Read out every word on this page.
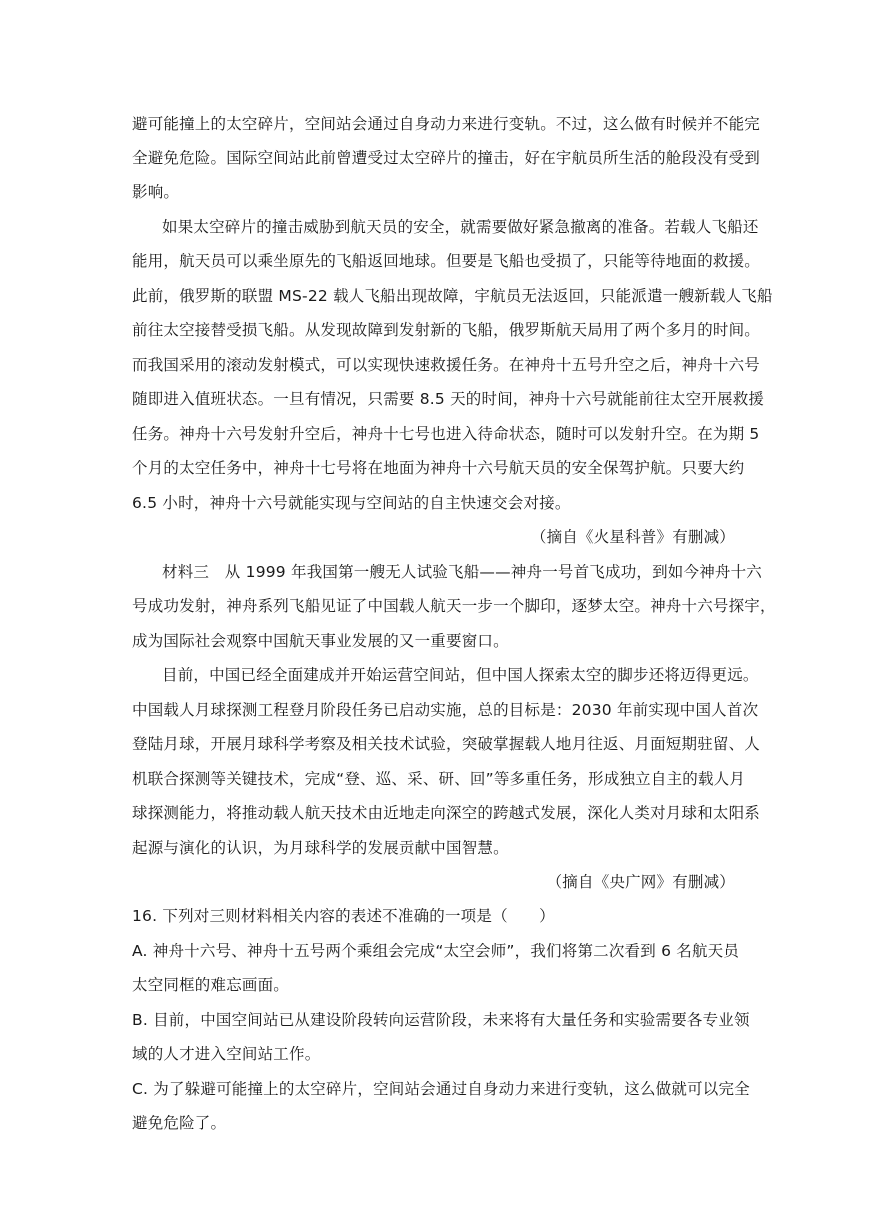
避可能撞上的太空碎片，空间站会通过自身动力来进行变轨。不过，这么做有时候并不能完
全避免危险。国际空间站此前曾遭受过太空碎片的撞击，好在宇航员所生活的舱段没有受到
影响。
如果太空碎片的撞击威胁到航天员的安全，就需要做好紧急撤离的准备。若载人飞船还
能用，航天员可以乘坐原先的飞船返回地球。但要是飞船也受损了，只能等待地面的救援。
此前，俄罗斯的联盟 MS-22 载人飞船出现故障，宇航员无法返回，只能派遣一艘新载人飞船
前往太空接替受损飞船。从发现故障到发射新的飞船，俄罗斯航天局用了两个多月的时间。
而我国采用的滚动发射模式，可以实现快速救援任务。在神舟十五号升空之后，神舟十六号
随即进入值班状态。一旦有情况，只需要 8.5 天的时间，神舟十六号就能前往太空开展救援
任务。神舟十六号发射升空后，神舟十七号也进入待命状态，随时可以发射升空。在为期 5
个月的太空任务中，神舟十七号将在地面为神舟十六号航天员的安全保驾护航。只要大约
6.5 小时，神舟十六号就能实现与空间站的自主快速交会对接。
（摘自《火星科普》有删减）
材料三　从 1999 年我国第一艘无人试验飞船——神舟一号首飞成功，到如今神舟十六
号成功发射，神舟系列飞船见证了中国载人航天一步一个脚印，逐梦太空。神舟十六号探宇，
成为国际社会观察中国航天事业发展的又一重要窗口。
目前，中国已经全面建成并开始运营空间站，但中国人探索太空的脚步还将迈得更远。
中国载人月球探测工程登月阶段任务已启动实施，总的目标是：2030 年前实现中国人首次
登陆月球，开展月球科学考察及相关技术试验，突破掌握载人地月往返、月面短期驻留、人
机联合探测等关键技术，完成“登、巡、采、研、回”等多重任务，形成独立自主的载人月
球探测能力，将推动载人航天技术由近地走向深空的跨越式发展，深化人类对月球和太阳系
起源与演化的认识，为月球科学的发展贡献中国智慧。
（摘自《央广网》有删减）
16. 下列对三则材料相关内容的表述不准确的一项是（　　）
A. 神舟十六号、神舟十五号两个乘组会完成“太空会师”，我们将第二次看到 6 名航天员
太空同框的难忘画面。
B. 目前，中国空间站已从建设阶段转向运营阶段，未来将有大量任务和实验需要各专业领
域的人才进入空间站工作。
C. 为了躲避可能撞上的太空碎片，空间站会通过自身动力来进行变轨，这么做就可以完全
避免危险了。
